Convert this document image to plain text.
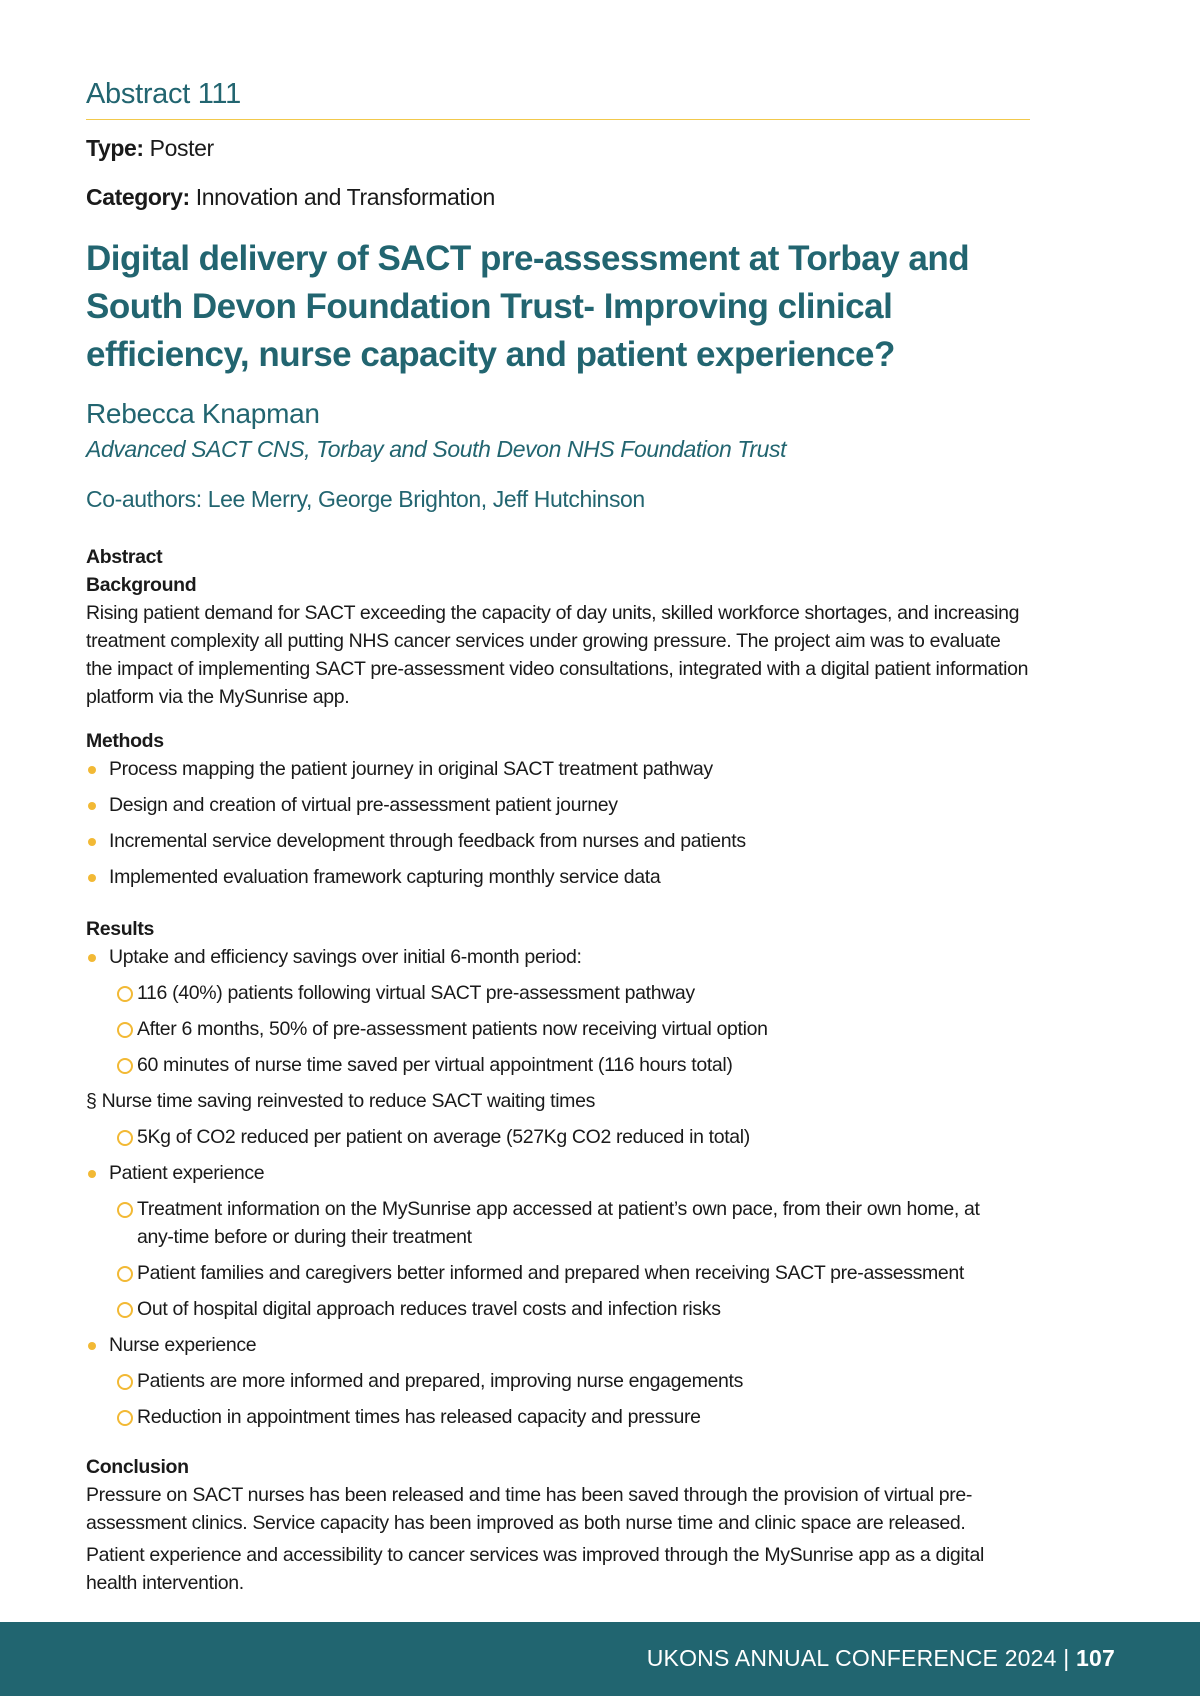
Abstract 111
Type: Poster
Category: Innovation and Transformation
Digital delivery of SACT pre-assessment at Torbay and South Devon Foundation Trust- Improving clinical efficiency, nurse capacity and patient experience?
Rebecca Knapman
Advanced SACT CNS, Torbay and South Devon NHS Foundation Trust
Co-authors: Lee Merry, George Brighton, Jeff Hutchinson
Abstract
Background

Rising patient demand for SACT exceeding the capacity of day units, skilled workforce shortages, and increasing treatment complexity all putting NHS cancer services under growing pressure. The project aim was to evaluate the impact of implementing SACT pre-assessment video consultations, integrated with a digital patient information platform via the MySunrise app.

Methods
Process mapping the patient journey in original SACT treatment pathway
Design and creation of virtual pre-assessment patient journey
Incremental service development through feedback from nurses and patients
Implemented evaluation framework capturing monthly service data
Results
Uptake and efficiency savings over initial 6-month period:
116 (40%) patients following virtual SACT pre-assessment pathway
After 6 months, 50% of pre-assessment patients now receiving virtual option
60 minutes of nurse time saved per virtual appointment (116 hours total)
§ Nurse time saving reinvested to reduce SACT waiting times
5Kg of CO2 reduced per patient on average (527Kg CO2 reduced in total)
Patient experience
Treatment information on the MySunrise app accessed at patient’s own pace, from their own home, at any-time before or during their treatment
Patient families and caregivers better informed and prepared when receiving SACT pre-assessment
Out of hospital digital approach reduces travel costs and infection risks
Nurse experience
Patients are more informed and prepared, improving nurse engagements
Reduction in appointment times has released capacity and pressure
Conclusion

Pressure on SACT nurses has been released and time has been saved through the provision of virtual pre-assessment clinics. Service capacity has been improved as both nurse time and clinic space are released.

Patient experience and accessibility to cancer services was improved through the MySunrise app as a digital health intervention.

UKONS ANNUAL CONFERENCE 2024 | 107
